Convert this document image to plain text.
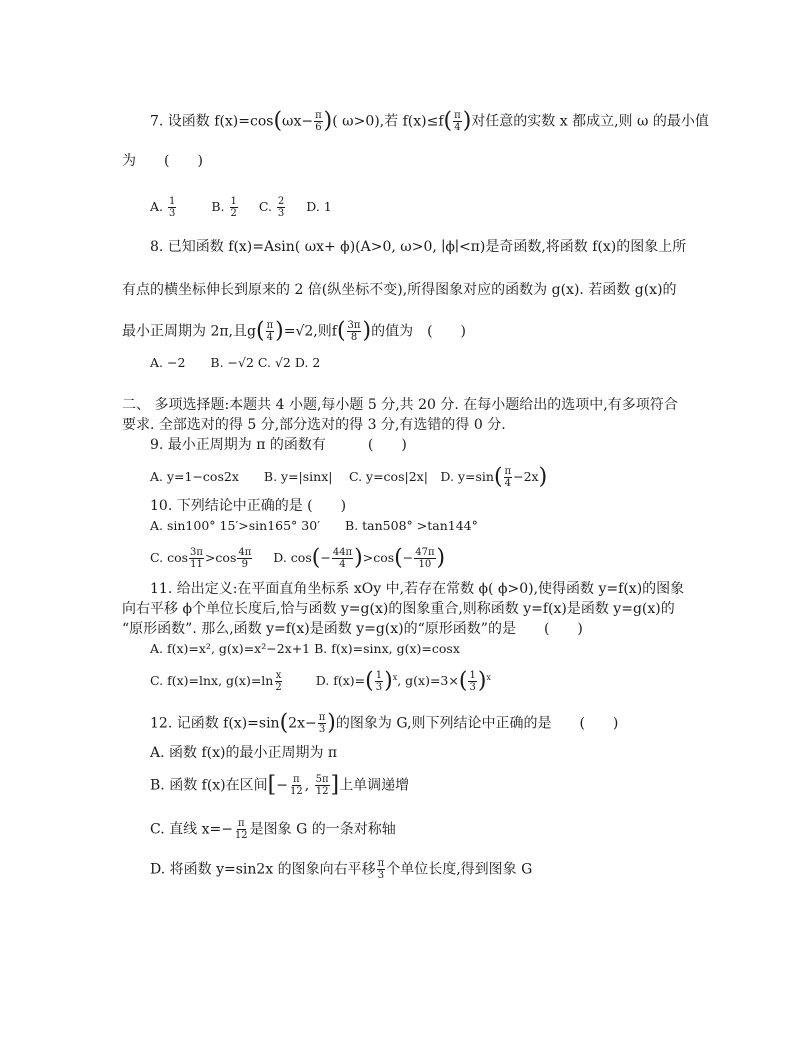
7. 设函数 $f(x)=\cos(\omega x- \frac{\pi}{6}$ )( ω>0),若 $f(x)\le f( \frac{\pi}{4}$ )对任意的实数 x 都成立,则 ω 的最小值
为　　(　　)
A. $\frac{1}{3}$	B. $\frac{1}{2} C$. $\frac{2}{3} D$. 1
8. 已知函数 f(x)=Asin( ωx+ ϕ)(A>0, ω>0, ∣ϕ∣<π)是奇函数,将函数 f(x)的图象上所
有点的横坐标伸长到原来的 2 倍(纵坐标不变),所得图象对应的函数为 g(x). 若函数 g(x)的
最小正周期为 2π,且$g( \frac{\pi}{4} )=√2$,则$f( \frac{3\pi}{8}$ )的值为　(　　)
A. −2　　B. −√2 C. √2 D. 2
二、 多项选择题:本题共 4 小题,每小题 5 分,共 20 分. 在每小题给出的选项中,有多项符合
要求. 全部选对的得 5 分,部分选对的得 3 分,有选错的得 0 分.
9. 最小正周期为 π 的函数有　　　(　　)
A. y=1−cos2x　　B. y=|sinx|　 C. y=cos|2x|　D. $y=\sin( \frac{\pi}{4} -2x)$
10. 下列结论中正确的是 (　　)
A. sin100° 15′>sin165° 30′　　B. tan508° >tan144°
C. $\cos \frac{3\pi}{11} >\cos \frac{4\pi}{9} D$. $\cos(- \frac{44\pi}{4} )>\cos(- \frac{47\pi}{10}$ )
11. 给出定义:在平面直角坐标系 xOy 中,若存在常数 ϕ( ϕ>0),使得函数 y=f(x)的图象
向右平移 ϕ个单位长度后,恰与函数 y=g(x)的图象重合,则称函数 y=f(x)是函数 y=g(x)的
“原形函数”. 那么,函数 y=f(x)是函数 y=g(x)的“原形函数”的是　　(　　)
A. f(x)=x², g(x)=x²−2x+1 B. f(x)=sinx, g(x)=cosx
C. f(x)=lnx, $g(x)=\ln \frac{x}{2}$	D. $f(x)=( \frac{1}{3} )^x$, $g(x)=3\times( \frac{1}{3} )^x$
12. 记函数 $f(x)=\sin(2x- \frac{\pi}{3}$ )的图象为 G,则下列结论中正确的是　　(　　)
A. 函数 f(x)的最小正周期为 π
B. 函数 f(x)在区间[− $\frac{\pi}{12}$ , $\frac{5\pi}{12}$ ]上单调递增
C. 直线 $x=- \frac{\pi}{12}$ 是图象 G 的一条对称轴
D. 将函数 y=sin2x 的图象向右平移 $\frac{\pi}{3}$ 个单位长度,得到图象 G
